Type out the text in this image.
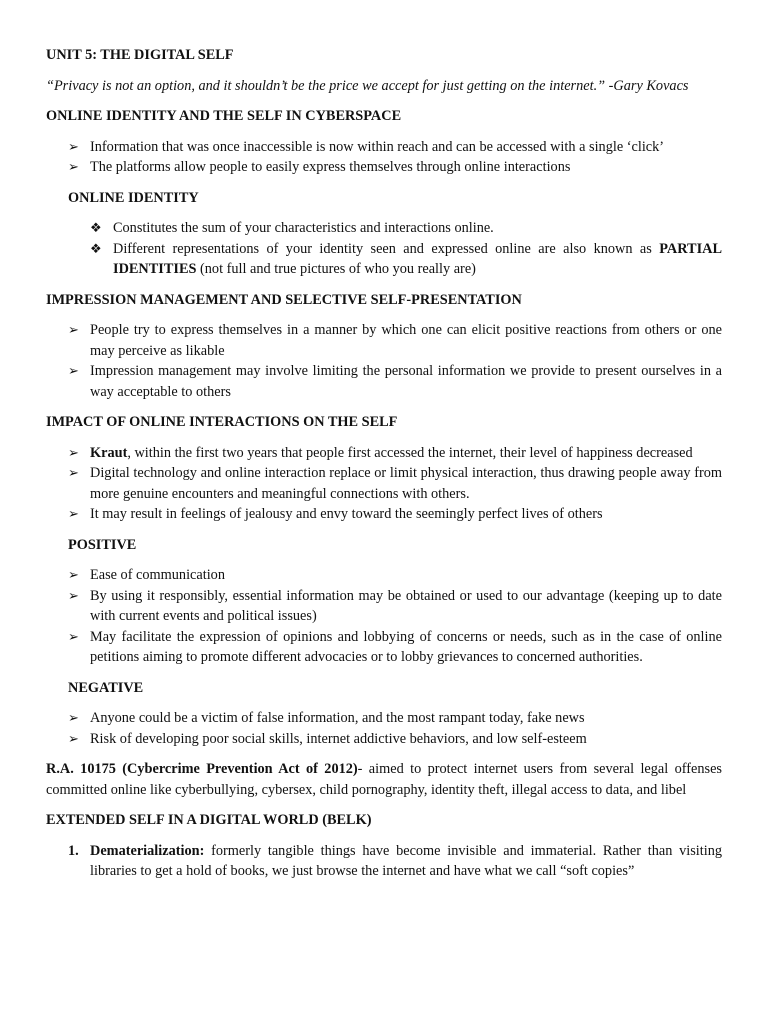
UNIT 5: THE DIGITAL SELF

“Privacy is not an option, and it shouldn’t be the price we accept for just getting on the internet.” -Gary Kovacs

ONLINE IDENTITY AND THE SELF IN CYBERSPACE

➢ Information that was once inaccessible is now within reach and can be accessed with a single ‘click’
➢ The platforms allow people to easily express themselves through online interactions

ONLINE IDENTITY

❖ Constitutes the sum of your characteristics and interactions online.
❖ Different representations of your identity seen and expressed online are also known as PARTIAL IDENTITIES (not full and true pictures of who you really are)

IMPRESSION MANAGEMENT AND SELECTIVE SELF-PRESENTATION

➢ People try to express themselves in a manner by which one can elicit positive reactions from others or one may perceive as likable
➢ Impression management may involve limiting the personal information we provide to present ourselves in a way acceptable to others

IMPACT OF ONLINE INTERACTIONS ON THE SELF

➢ Kraut, within the first two years that people first accessed the internet, their level of happiness decreased
➢ Digital technology and online interaction replace or limit physical interaction, thus drawing people away from more genuine encounters and meaningful connections with others.
➢ It may result in feelings of jealousy and envy toward the seemingly perfect lives of others

POSITIVE

➢ Ease of communication
➢ By using it responsibly, essential information may be obtained or used to our advantage (keeping up to date with current events and political issues)
➢ May facilitate the expression of opinions and lobbying of concerns or needs, such as in the case of online petitions aiming to promote different advocacies or to lobby grievances to concerned authorities.

NEGATIVE

➢ Anyone could be a victim of false information, and the most rampant today, fake news
➢ Risk of developing poor social skills, internet addictive behaviors, and low self-esteem

R.A. 10175 (Cybercrime Prevention Act of 2012)- aimed to protect internet users from several legal offenses committed online like cyberbullying, cybersex, child pornography, identity theft, illegal access to data, and libel

EXTENDED SELF IN A DIGITAL WORLD (BELK)

1. Dematerialization: formerly tangible things have become invisible and immaterial. Rather than visiting libraries to get a hold of books, we just browse the internet and have what we call “soft copies”
